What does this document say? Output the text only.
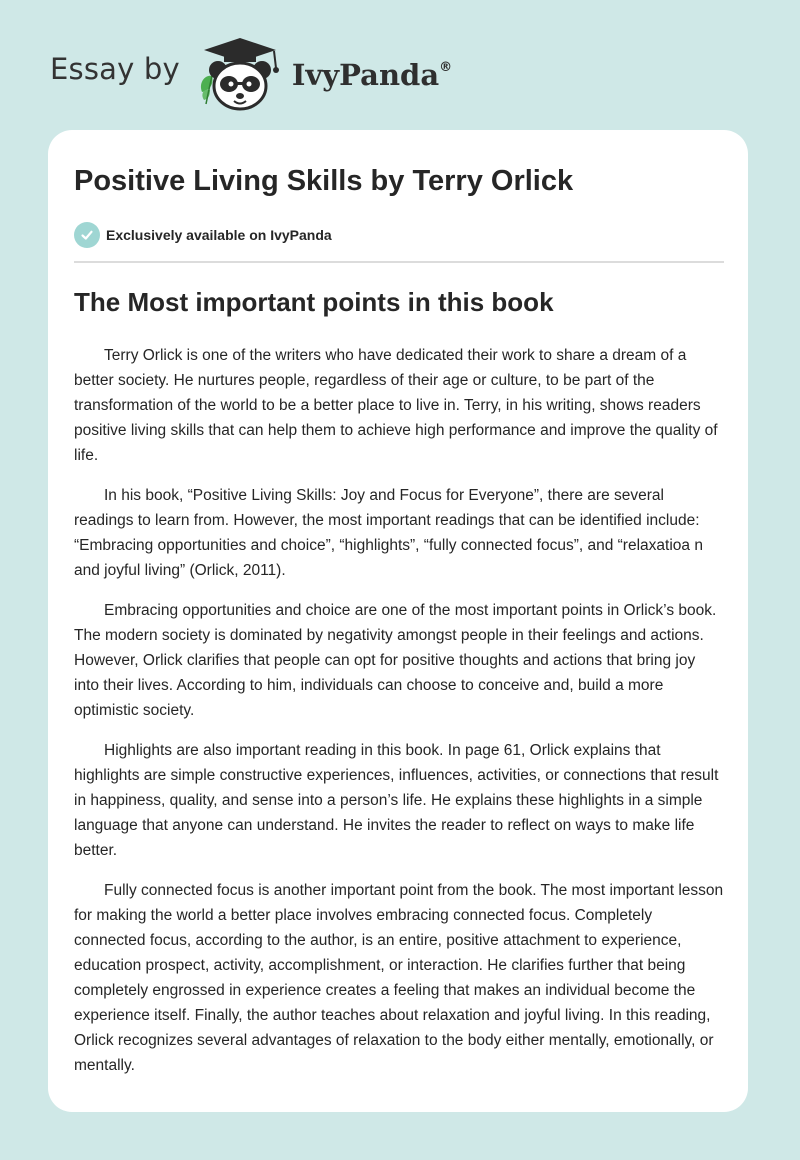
Essay by	IvyPanda®
Positive Living Skills by Terry Orlick
Exclusively available on IvyPanda
The Most important points in this book

Terry Orlick is one of the writers who have dedicated their work to share a dream of a better society. He nurtures people, regardless of their age or culture, to be part of the transformation of the world to be a better place to live in. Terry, in his writing, shows readers positive living skills that can help them to achieve high performance and improve the quality of life.

In his book, “Positive Living Skills: Joy and Focus for Everyone”, there are several readings to learn from. However, the most important readings that can be identified include: “Embracing opportunities and choice”, “highlights”, “fully connected focus”, and “relaxatioa n and joyful living” (Orlick, 2011).

Embracing opportunities and choice are one of the most important points in Orlick’s book. The modern society is dominated by negativity amongst people in their feelings and actions. However, Orlick clarifies that people can opt for positive thoughts and actions that bring joy into their lives. According to him, individuals can choose to conceive and, build a more optimistic society.

Highlights are also important reading in this book. In page 61, Orlick explains that highlights are simple constructive experiences, influences, activities, or connections that result in happiness, quality, and sense into a person’s life. He explains these highlights in a simple language that anyone can understand. He invites the reader to reflect on ways to make life better.

Fully connected focus is another important point from the book. The most important lesson for making the world a better place involves embracing connected focus. Completely connected focus, according to the author, is an entire, positive attachment to experience, education prospect, activity, accomplishment, or interaction. He clarifies further that being completely engrossed in experience creates a feeling that makes an individual become the experience itself. Finally, the author teaches about relaxation and joyful living. In this reading, Orlick recognizes several advantages of relaxation to the body either mentally, emotionally, or mentally.
